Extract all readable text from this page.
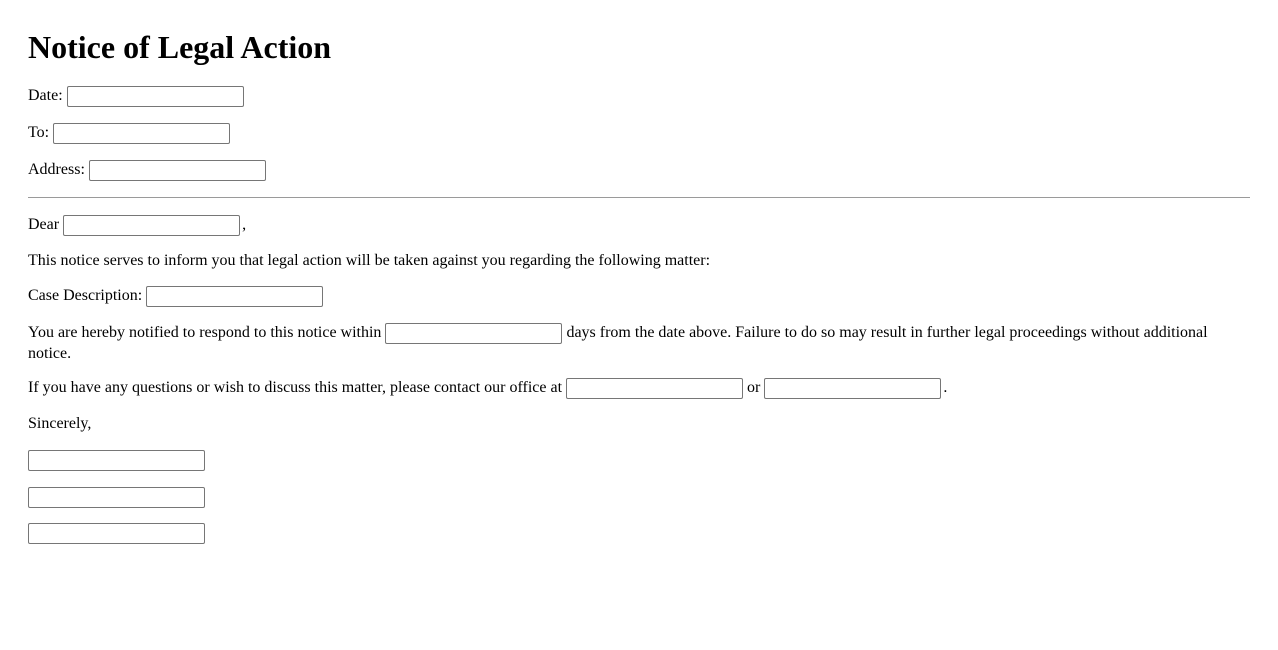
Notice of Legal Action
Date:
To:
Address:
Dear	,
This notice serves to inform you that legal action will be taken against you regarding the following matter:
Case Description:
You are hereby notified to respond to this notice within	days from the date above. Failure to do so may result in further legal proceedings without additional notice.
If you have any questions or wish to discuss this matter, please contact our office at	or	.
Sincerely,
